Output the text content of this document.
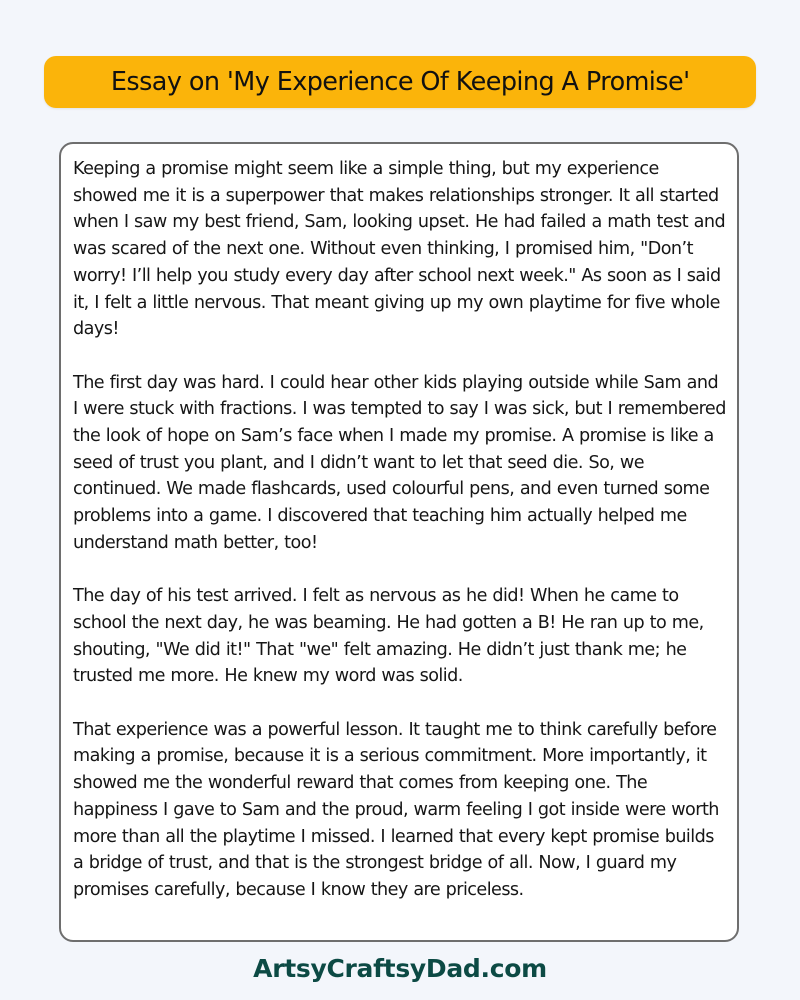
Essay on 'My Experience Of Keeping A Promise'

Keeping a promise might seem like a simple thing, but my experience showed me it is a superpower that makes relationships stronger. It all started when I saw my best friend, Sam, looking upset. He had failed a math test and was scared of the next one. Without even thinking, I promised him, "Don’t worry! I’ll help you study every day after school next week." As soon as I said it, I felt a little nervous. That meant giving up my own playtime for five whole days!

The first day was hard. I could hear other kids playing outside while Sam and I were stuck with fractions. I was tempted to say I was sick, but I remembered the look of hope on Sam’s face when I made my promise. A promise is like a seed of trust you plant, and I didn’t want to let that seed die. So, we continued. We made flashcards, used colourful pens, and even turned some problems into a game. I discovered that teaching him actually helped me understand math better, too!

The day of his test arrived. I felt as nervous as he did! When he came to school the next day, he was beaming. He had gotten a B! He ran up to me, shouting, "We did it!" That "we" felt amazing. He didn’t just thank me; he trusted me more. He knew my word was solid.

That experience was a powerful lesson. It taught me to think carefully before making a promise, because it is a serious commitment. More importantly, it showed me the wonderful reward that comes from keeping one. The happiness I gave to Sam and the proud, warm feeling I got inside were worth more than all the playtime I missed. I learned that every kept promise builds a bridge of trust, and that is the strongest bridge of all. Now, I guard my promises carefully, because I know they are priceless.

ArtsyCraftsyDad.com
